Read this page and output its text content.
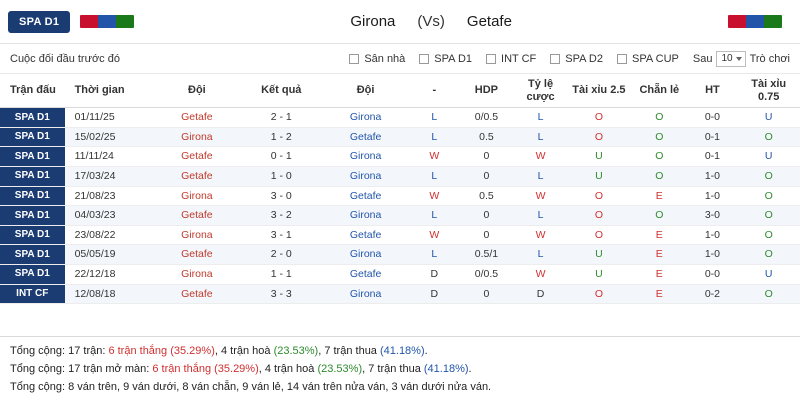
SPA D1	Girona (Vs) Getafe
Cuộc đối đầu trước đó	Sân nhà	SPA D1	INT CF	SPA D2	SPA CUP Sau 10 Trò chơi
Trận đấu	Thời gian	Đội	Kết quả	Đội	-	HDP	Tỷ lệ cược	Tài xỉu 2.5	Chẵn lẻ	HT	Tài xỉu 0.75
SPA D1	01/11/25	Getafe	2 - 1	Girona	L	0/0.5	L	O	O	0-0	U
SPA D1	15/02/25	Girona	1 - 2	Getafe	L	0.5	L	O	O	0-1	O
SPA D1	11/11/24	Getafe	0 - 1	Girona	W	0	W	U	O	0-1	U
SPA D1	17/03/24	Getafe	1 - 0	Girona	L	0	L	U	O	1-0	O
SPA D1	21/08/23	Girona	3 - 0	Getafe	W	0.5	W	O	E	1-0	O
SPA D1	04/03/23	Getafe	3 - 2	Girona	L	0	L	O	O	3-0	O
SPA D1	23/08/22	Girona	3 - 1	Getafe	W	0	W	O	E	1-0	O
SPA D1	05/05/19	Getafe	2 - 0	Girona	L	0.5/1	L	U	E	1-0	O
SPA D1	22/12/18	Girona	1 - 1	Getafe	D	0/0.5	W	U	E	0-0	U
INT CF	12/08/18	Getafe	3 - 3	Girona	D	0	D	O	E	0-2	O
Tổng cộng: 17 trận: 6 trận thắng (35.29%), 4 trận hoà (23.53%), 7 trận thua (41.18%).
Tổng cộng: 17 trận mở màn: 6 trận thắng (35.29%), 4 trận hoà (23.53%), 7 trận thua (41.18%).
Tổng cộng: 8 ván trên, 9 ván dưới, 8 ván chẵn, 9 ván lẻ, 14 ván trên nửa ván, 3 ván dưới nửa ván.
